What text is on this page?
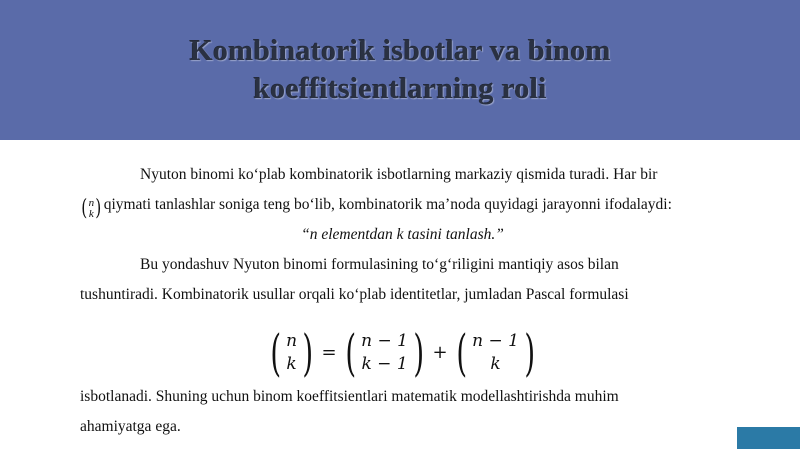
Kombinatorik isbotlar va binom
koeffitsientlarning roli
Nyuton binomi ko‘plab kombinatorik isbotlarning markaziy qismida turadi. Har bir
( n
k ) qiymati tanlashlar soniga teng bo‘lib, kombinatorik ma’noda quyidagi jarayonni ifodalaydi:
“n elementdan k tasini tanlash.”
Bu yondashuv Nyuton binomi formulasining to‘g‘riligini mantiqiy asos bilan
tushuntiradi. Kombinatorik usullar orqali ko‘plab identitetlar, jumladan Pascal formulasi
( n
k ) = ( n − 1
k − 1 ) + ( n − 1
k )
isbotlanadi. Shuning uchun binom koeffitsientlari matematik modellashtirishda muhim
ahamiyatga ega.
